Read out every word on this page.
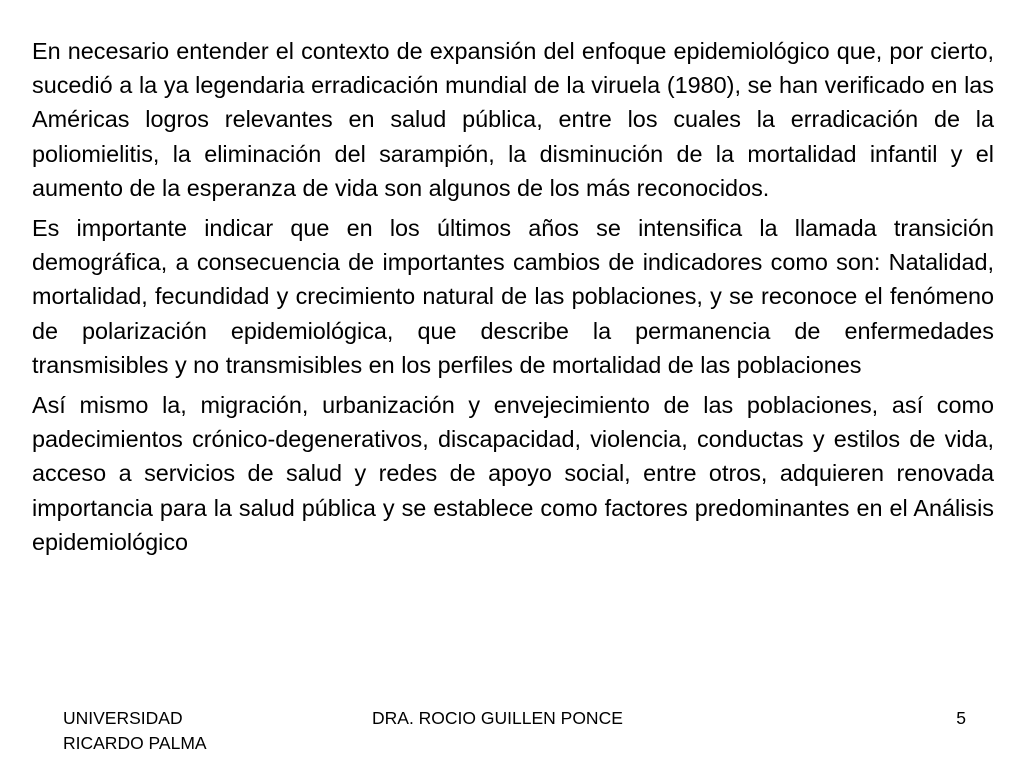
En necesario entender el contexto de expansión del enfoque epidemiológico que, por cierto, sucedió a la ya legendaria erradicación mundial de la viruela (1980), se han verificado en las Américas logros relevantes en salud pública, entre los cuales la erradicación de la poliomielitis, la eliminación del sarampión, la disminución de la mortalidad infantil y el aumento de la esperanza de vida son algunos de los más reconocidos.

Es importante indicar que en los últimos años se intensifica la llamada transición demográfica, a consecuencia de importantes cambios de indicadores como son: Natalidad, mortalidad, fecundidad y crecimiento natural de las poblaciones, y se reconoce el fenómeno de polarización epidemiológica, que describe la permanencia de enfermedades transmisibles y no transmisibles en los perfiles de mortalidad de las poblaciones

Así mismo la, migración, urbanización y envejecimiento de las poblaciones, así como padecimientos crónico-degenerativos, discapacidad, violencia, conductas y estilos de vida, acceso a servicios de salud y redes de apoyo social, entre otros, adquieren renovada importancia para la salud pública y se establece como factores predominantes en el Análisis epidemiológico

UNIVERSIDAD
RICARDO PALMA
DRA. ROCIO GUILLEN PONCE	5
